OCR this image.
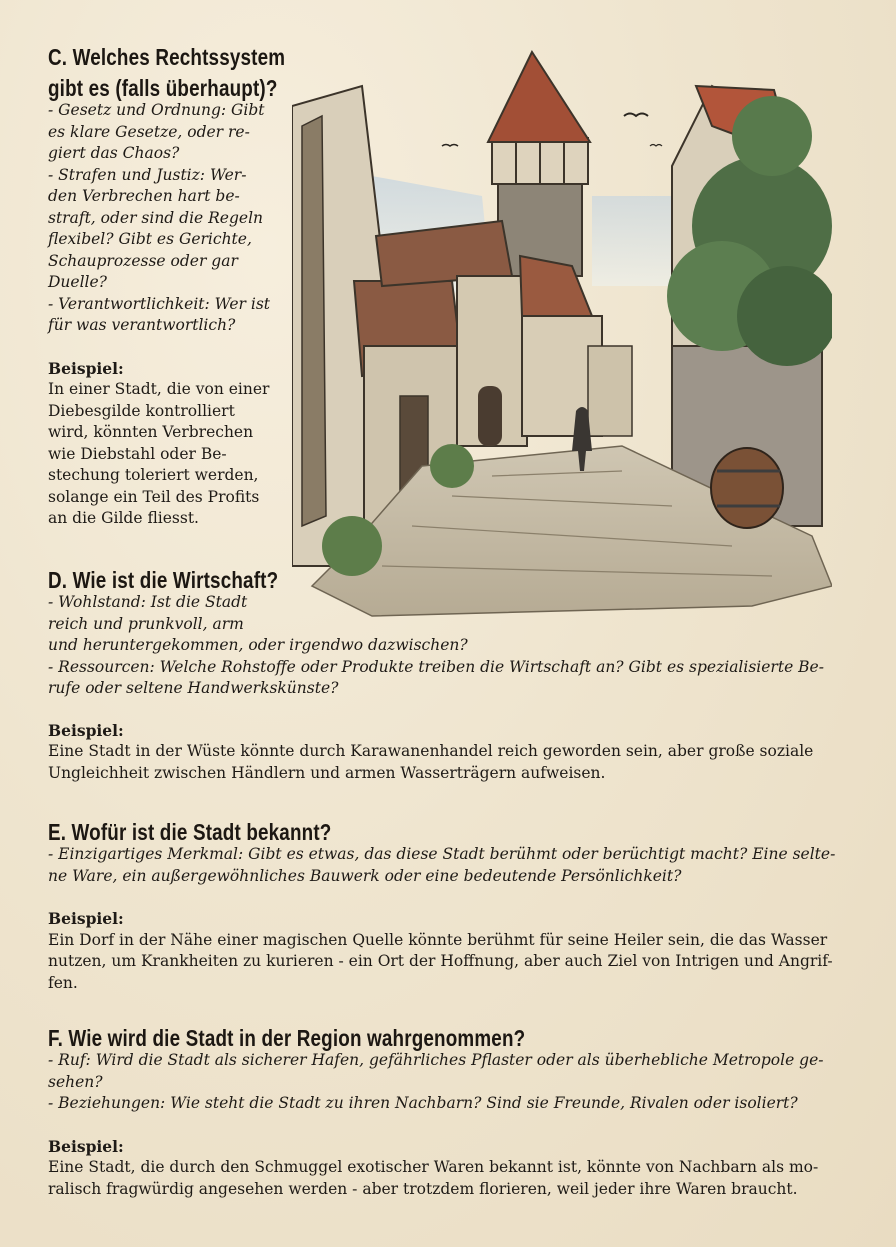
C. Welches Rechtssystem
gibt es (falls überhaupt)?
- Gesetz und Ordnung: Gibt
es klare Gesetze, oder re-
giert das Chaos?
- Strafen und Justiz: Wer-
den Verbrechen hart be-
straft, oder sind die Regeln
flexibel? Gibt es Gerichte,
Schauprozesse oder gar
Duelle?
- Verantwortlichkeit: Wer ist
für was verantwortlich?
Beispiel:
In einer Stadt, die von einer
Diebesgilde kontrolliert
wird, könnten Verbrechen
wie Diebstahl oder Be-
stechung toleriert werden,
solange ein Teil des Profits
an die Gilde fliesst.
D. Wie ist die Wirtschaft?
- Wohlstand: Ist die Stadt
reich und prunkvoll, arm
und heruntergekommen, oder irgendwo dazwischen?
- Ressourcen: Welche Rohstoffe oder Produkte treiben die Wirtschaft an? Gibt es spezialisierte Be-
rufe oder seltene Handwerkskünste?
Beispiel:
Eine Stadt in der Wüste könnte durch Karawanenhandel reich geworden sein, aber große soziale
Ungleichheit zwischen Händlern und armen Wasserträgern aufweisen.
E. Wofür ist die Stadt bekannt?
- Einzigartiges Merkmal: Gibt es etwas, das diese Stadt berühmt oder berüchtigt macht? Eine selte-
ne Ware, ein außergewöhnliches Bauwerk oder eine bedeutende Persönlichkeit?
Beispiel:
Ein Dorf in der Nähe einer magischen Quelle könnte berühmt für seine Heiler sein, die das Wasser
nutzen, um Krankheiten zu kurieren - ein Ort der Hoffnung, aber auch Ziel von Intrigen und Angrif-
fen.
F. Wie wird die Stadt in der Region wahrgenommen?
- Ruf: Wird die Stadt als sicherer Hafen, gefährliches Pflaster oder als überhebliche Metropole ge-
sehen?
- Beziehungen: Wie steht die Stadt zu ihren Nachbarn? Sind sie Freunde, Rivalen oder isoliert?
Beispiel:
Eine Stadt, die durch den Schmuggel exotischer Waren bekannt ist, könnte von Nachbarn als mo-
ralisch fragwürdig angesehen werden - aber trotzdem florieren, weil jeder ihre Waren braucht.
